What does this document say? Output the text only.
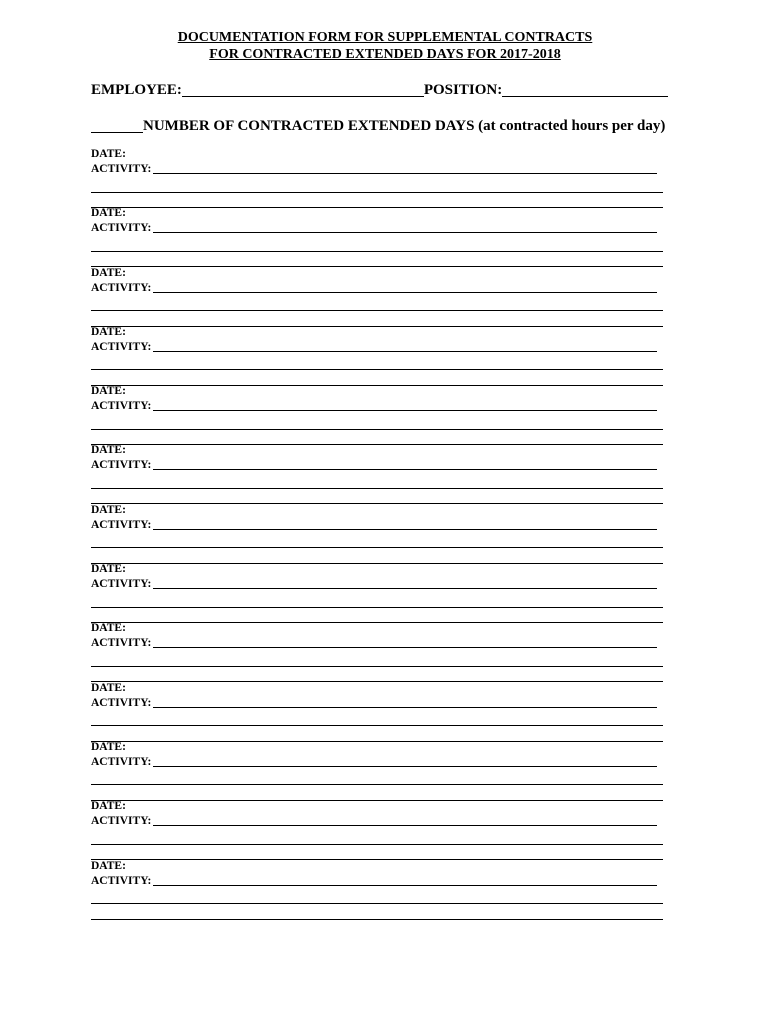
DOCUMENTATION FORM FOR SUPPLEMENTAL CONTRACTS
FOR CONTRACTED EXTENDED DAYS FOR 2017-2018
EMPLOYEE:	POSITION:
NUMBER OF CONTRACTED EXTENDED DAYS (at contracted hours per day)
DATE:
ACTIVITY:
DATE:
ACTIVITY:
DATE:
ACTIVITY:
DATE:
ACTIVITY:
DATE:
ACTIVITY:
DATE:
ACTIVITY:
DATE:
ACTIVITY:
DATE:
ACTIVITY:
DATE:
ACTIVITY:
DATE:
ACTIVITY:
DATE:
ACTIVITY:
DATE:
ACTIVITY:
DATE:
ACTIVITY:
